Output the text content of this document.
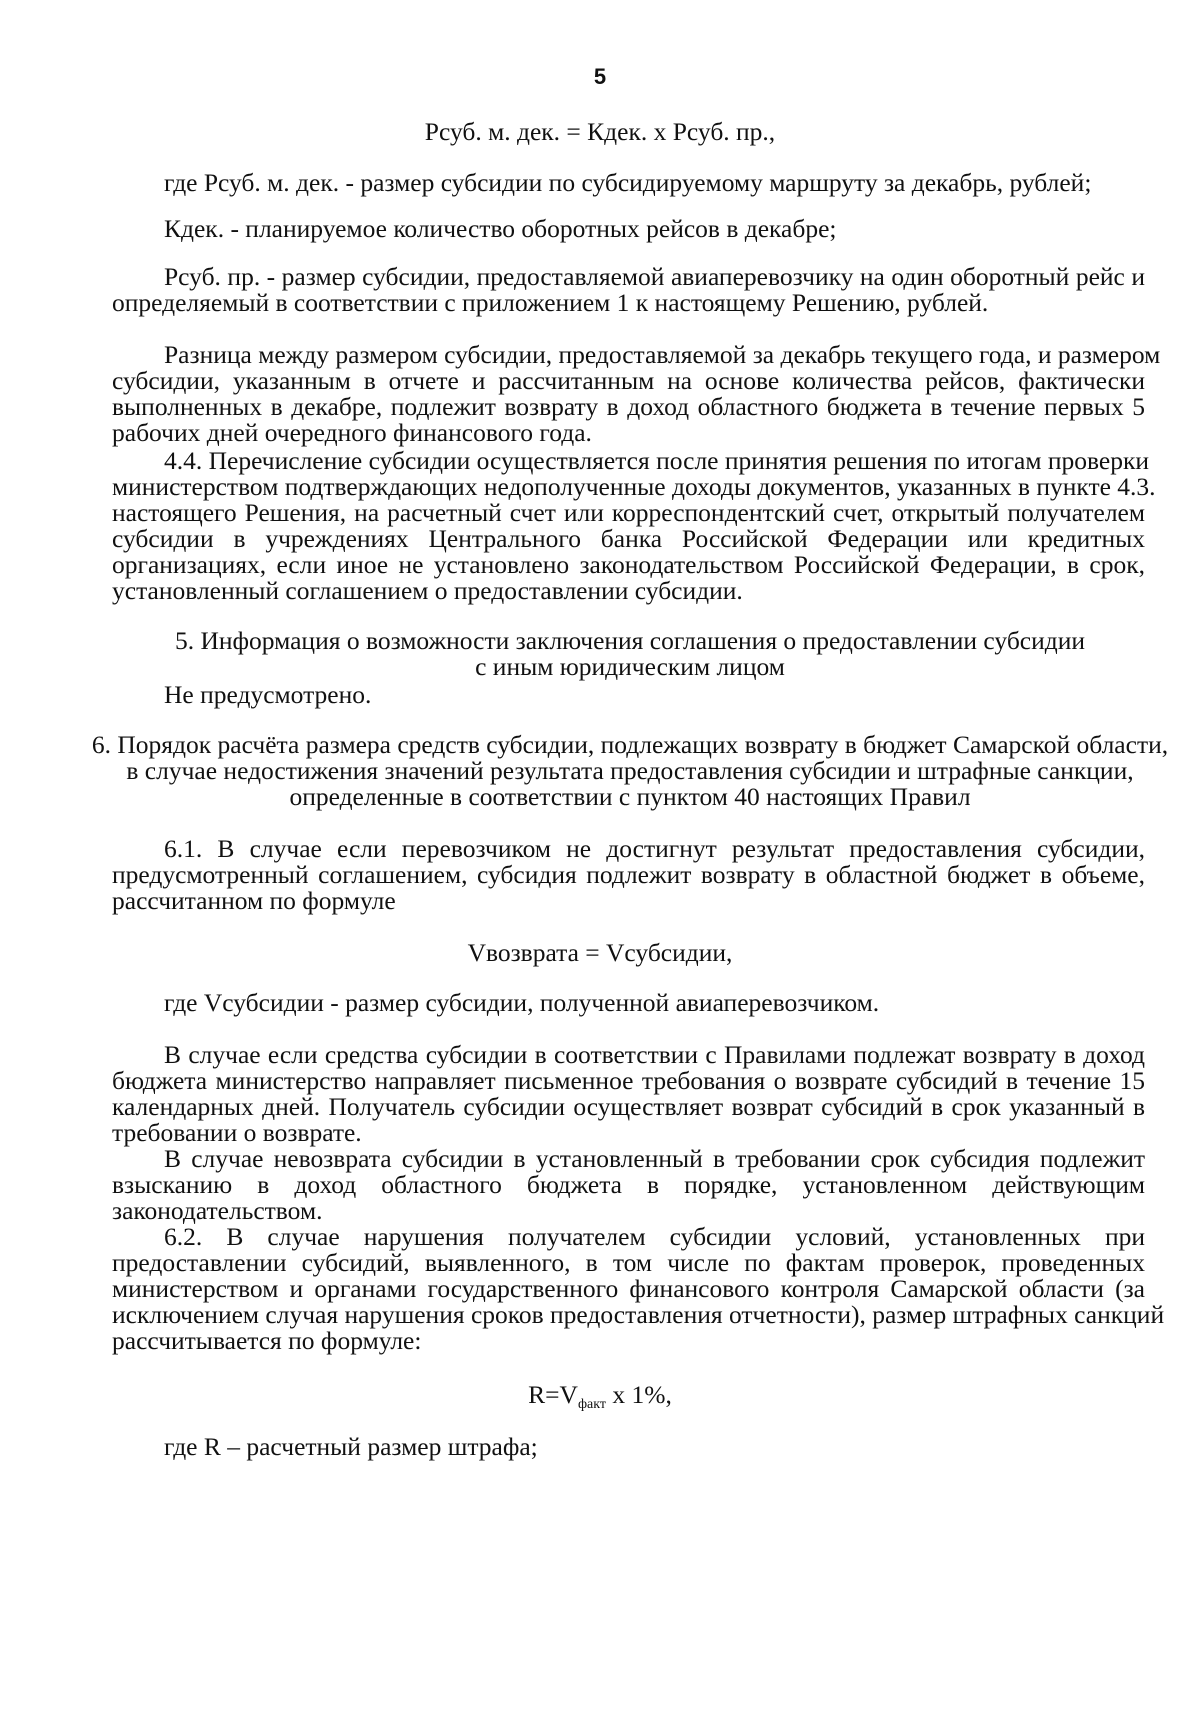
5
Рсуб. м. дек. = Кдек. х Рсуб. пр.,
где Рсуб. м. дек. - размер субсидии по субсидируемому маршруту за декабрь, рублей;
Кдек. - планируемое количество оборотных рейсов в декабре;
Рсуб. пр. - размер субсидии, предоставляемой авиаперевозчику на один оборотный рейс и
определяемый в соответствии с приложением 1 к настоящему Решению, рублей.
Разница между размером субсидии, предоставляемой за декабрь текущего года, и размером
субсидии, указанным в отчете и рассчитанным на основе количества рейсов, фактически
выполненных в декабре, подлежит возврату в доход областного бюджета в течение первых 5
рабочих дней очередного финансового года.
4.4. Перечисление субсидии осуществляется после принятия решения по итогам проверки
министерством подтверждающих недополученные доходы документов, указанных в пункте 4.3.
настоящего Решения, на расчетный счет или корреспондентский счет, открытый получателем
субсидии в учреждениях Центрального банка Российской Федерации или кредитных
организациях, если иное не установлено законодательством Российской Федерации, в срок,
установленный соглашением о предоставлении субсидии.
5. Информация о возможности заключения соглашения о предоставлении субсидии
с иным юридическим лицом
Не предусмотрено.
6. Порядок расчёта размера средств субсидии, подлежащих возврату в бюджет Самарской области,
в случае недостижения значений результата предоставления субсидии и штрафные санкции,
определенные в соответствии с пунктом 40 настоящих Правил
6.1. В случае если перевозчиком не достигнут результат предоставления субсидии,
предусмотренный соглашением, субсидия подлежит возврату в областной бюджет в объеме,
рассчитанном по формуле
Vвозврата = Vсубсидии,
где Vсубсидии - размер субсидии, полученной авиаперевозчиком.
В случае если средства субсидии в соответствии с Правилами подлежат возврату в доход
бюджета министерство направляет письменное требования о возврате субсидий в течение 15
календарных дней. Получатель субсидии осуществляет возврат субсидий в срок указанный в
требовании о возврате.
В случае невозврата субсидии в установленный в требовании срок субсидия подлежит
взысканию в доход областного бюджета в порядке, установленном действующим
законодательством.
6.2. В случае нарушения получателем субсидии условий, установленных при
предоставлении субсидий, выявленного, в том числе по фактам проверок, проведенных
министерством и органами государственного финансового контроля Самарской области (за
исключением случая нарушения сроков предоставления отчетности), размер штрафных санкций
рассчитывается по формуле:
$R=V_{факт}$ х 1%,
где R – расчетный размер штрафа;
